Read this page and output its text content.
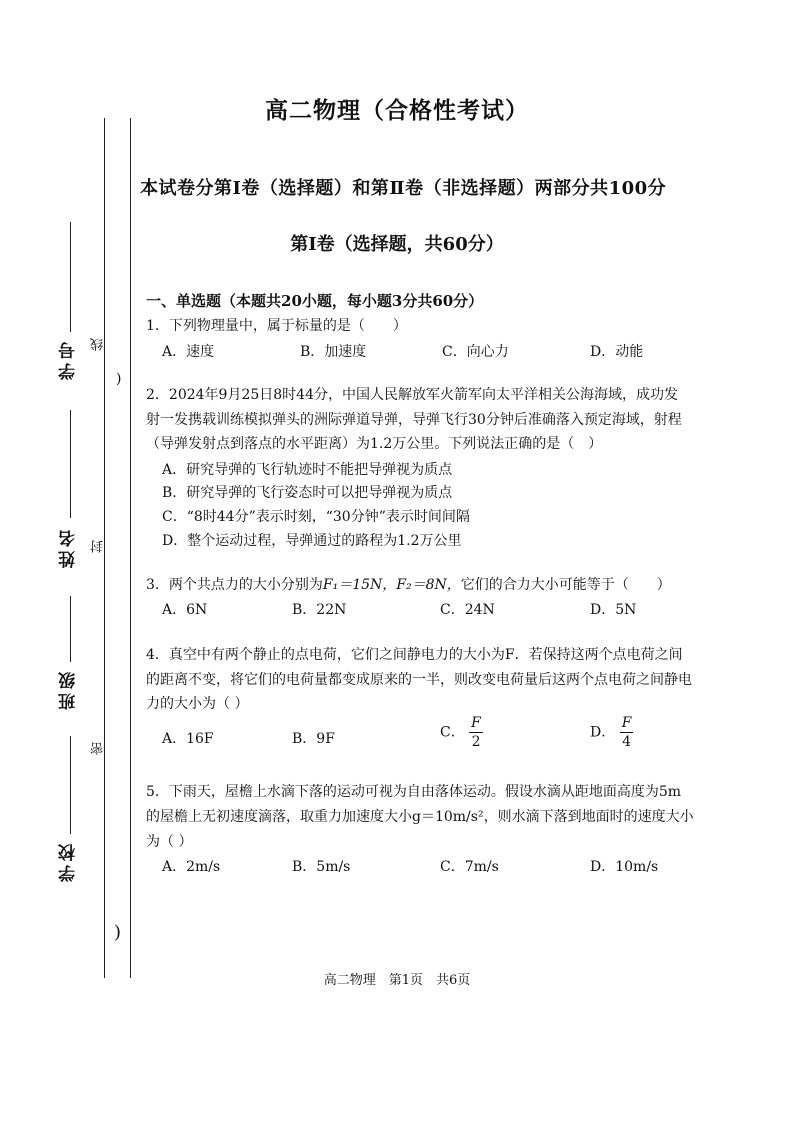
学号
姓名
班级
学校
线
封
密
)
)
高二物理（合格性考试）
本试卷分第Ⅰ卷（选择题）和第Ⅱ卷（非选择题）两部分共100分
第I卷（选择题，共60分）
一、单选题（本题共20小题，每小题3分共60分）
1．下列物理量中，属于标量的是（　　）
A．速度	B．加速度	C．向心力	D．动能
2．2024年9月25日8时44分，中国人民解放军火箭军向太平洋相关公海海域，成功发
射一发携载训练模拟弹头的洲际弹道导弹，导弹飞行30分钟后准确落入预定海域，射程
（导弹发射点到落点的水平距离）为1.2万公里。下列说法正确的是（　）
A．研究导弹的飞行轨迹时不能把导弹视为质点
B．研究导弹的飞行姿态时可以把导弹视为质点
C．“8时44分”表示时刻，“30分钟”表示时间间隔
D．整个运动过程，导弹通过的路程为1.2万公里
3．两个共点力的大小分别为F₁＝15N，F₂＝8N，它们的合力大小可能等于（　　）
A．6N	B．22N	C．24N	D．5N
4．真空中有两个静止的点电荷，它们之间静电力的大小为F．若保持这两个点电荷之间
的距离不变，将它们的电荷量都变成原来的一半，则改变电荷量后这两个点电荷之间静电
力的大小为（ ）
A．16F	B．9F	C． $\frac{F}{2}$	D． $\frac{F}{4}$
5．下雨天，屋檐上水滴下落的运动可视为自由落体运动。假设水滴从距地面高度为5m
的屋檐上无初速度滴落，取重力加速度大小g＝10m/s²，则水滴下落到地面时的速度大小
为（ ）
A．2m/s	B．5m/s	C．7m/s	D．10m/s
高二物理　第1页　共6页
